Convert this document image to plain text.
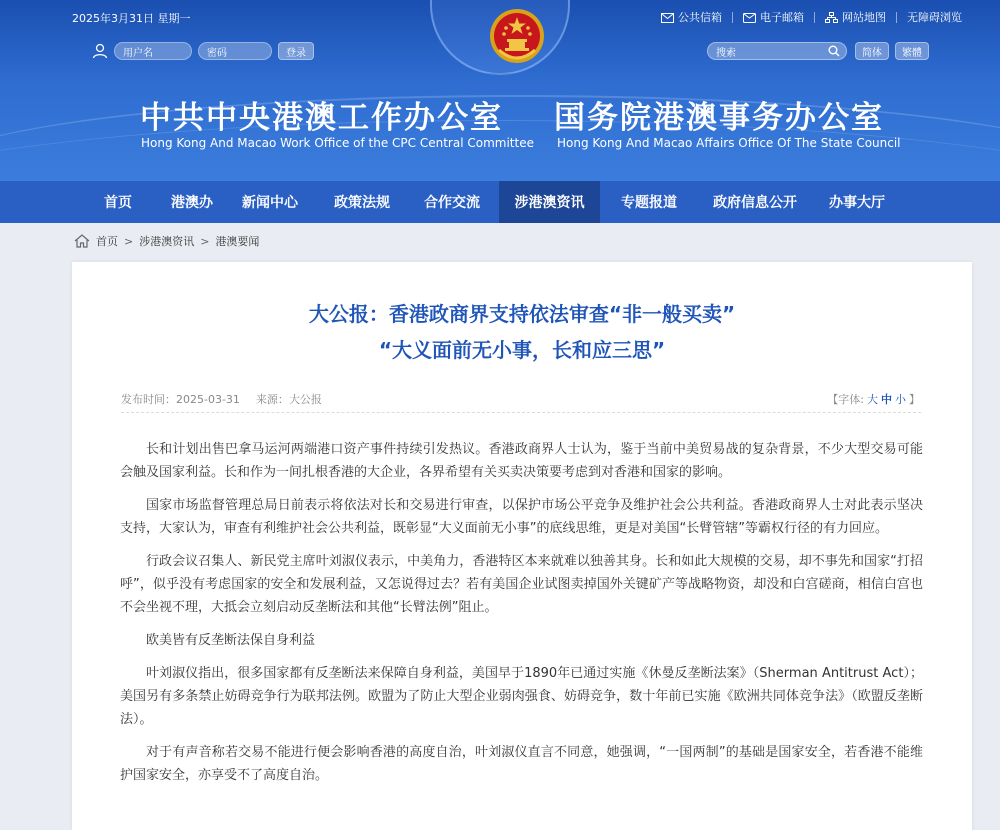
2025年3月31日 星期一	公共信箱	电子邮箱	网站地图 无障碍浏览
用户名	密码	登录	搜索	简体	繁體
中共中央港澳工作办公室
Hong Kong And Macao Work Office of the CPC Central Committee
国务院港澳事务办公室
Hong Kong And Macao Affairs Office Of The State Council
首页	港澳办 新闻中心	政策法规 合作交流	涉港澳资讯	专题报道	政府信息公开 办事大厅
首页 > 涉港澳资讯 > 港澳要闻
大公报：香港政商界支持依法审查“非一般买卖”
“大义面前无小事，长和应三思”
发布时间：2025-03-31 来源：大公报	【字体: 大 中 小 】

长和计划出售巴拿马运河两端港口资产事件持续引发热议。香港政商界人士认为，鉴于当前中美贸易战的复杂背景，不少大型交易可能会触及国家利益。长和作为一间扎根香港的大企业，各界希望有关买卖决策要考虑到对香港和国家的影响。

国家市场监督管理总局日前表示将依法对长和交易进行审查，以保护市场公平竞争及维护社会公共利益。香港政商界人士对此表示坚决支持，大家认为，审查有利维护社会公共利益，既彰显“大义面前无小事”的底线思维，更是对美国“长臂管辖”等霸权行径的有力回应。

行政会议召集人、新民党主席叶刘淑仪表示，中美角力，香港特区本来就难以独善其身。长和如此大规模的交易，却不事先和国家“打招呼”，似乎没有考虑国家的安全和发展利益，又怎说得过去？若有美国企业试图卖掉国外关键矿产等战略物资，却没和白宫磋商，相信白宫也不会坐视不理，大抵会立刻启动反垄断法和其他“长臂法例”阻止。

欧美皆有反垄断法保自身利益

叶刘淑仪指出，很多国家都有反垄断法来保障自身利益，美国早于1890年已通过实施《休曼反垄断法案》（Sherman Antitrust Act）；美国另有多条禁止妨碍竞争行为联邦法例。欧盟为了防止大型企业弱肉强食、妨碍竞争，数十年前已实施《欧洲共同体竞争法》（欧盟反垄断法）。

对于有声音称若交易不能进行便会影响香港的高度自治，叶刘淑仪直言不同意，她强调，“一国两制”的基础是国家安全，若香港不能维护国家安全，亦享受不了高度自治。
